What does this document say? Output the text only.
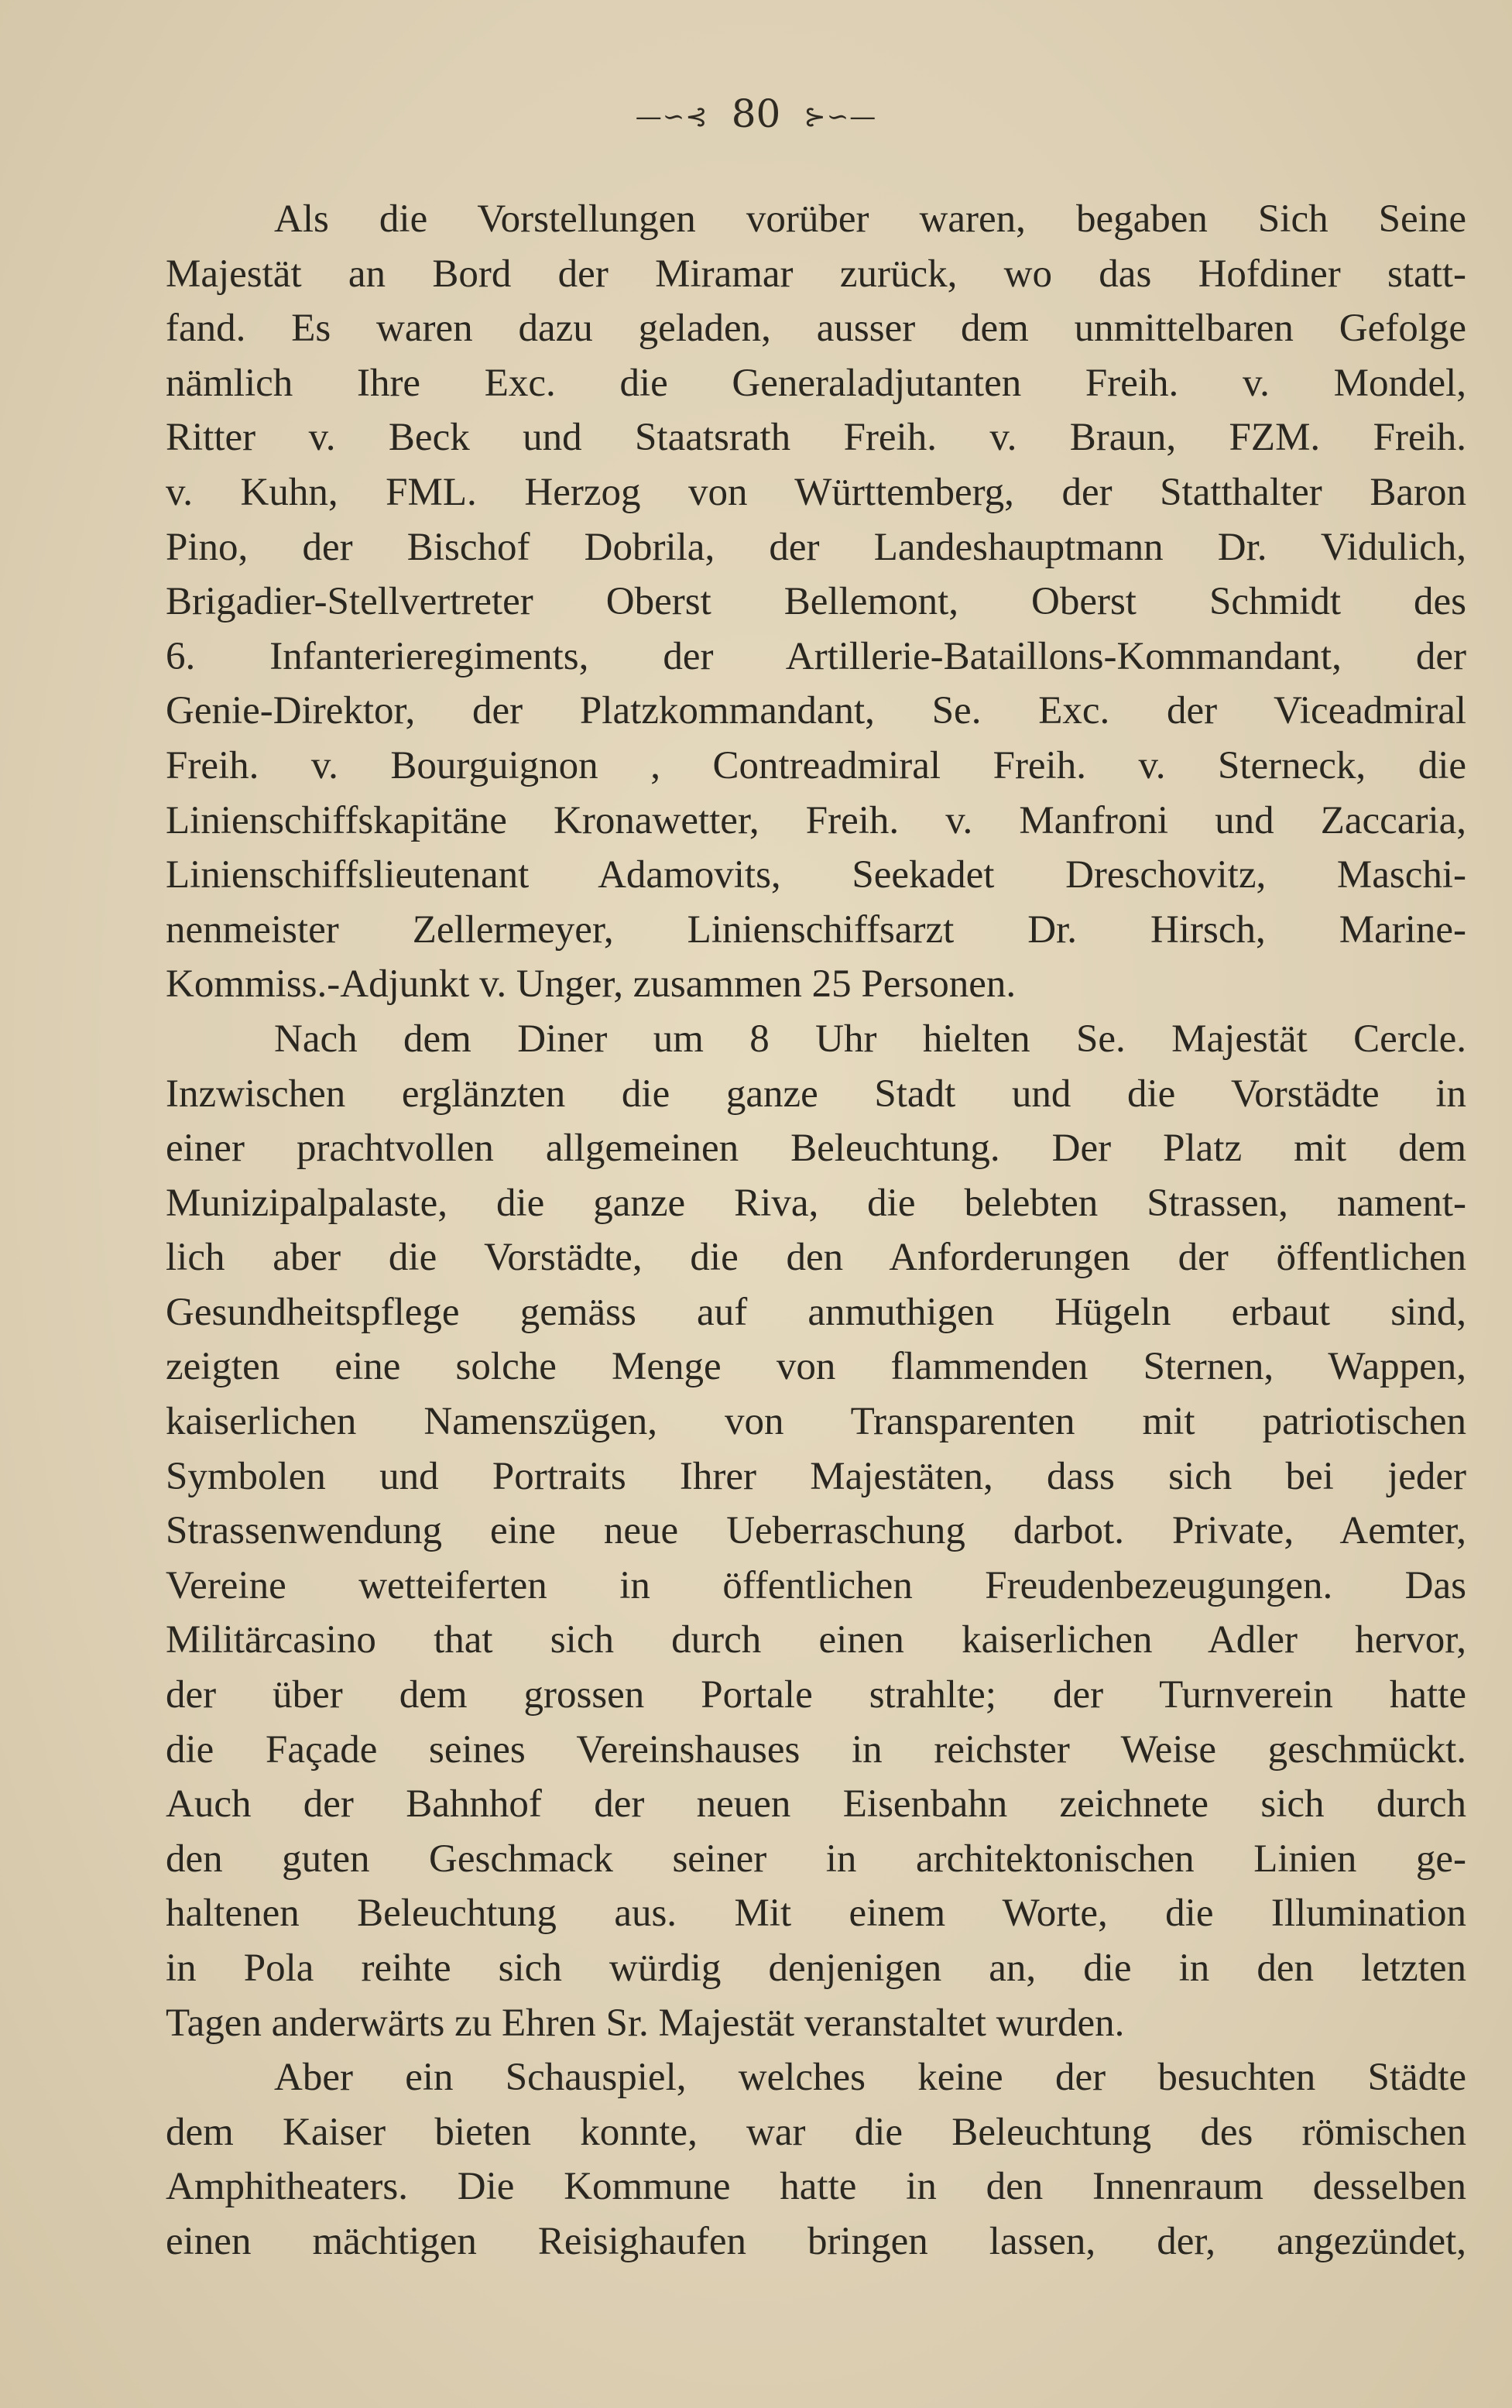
—∽⊰ 80 ⊱∽—
Als die Vorstellungen vorüber waren, begaben Sich Seine
Majestät an Bord der Miramar zurück, wo das Hofdiner statt-
fand. Es waren dazu geladen, ausser dem unmittelbaren Gefolge
nämlich Ihre Exc. die Generaladjutanten Freih. v. Mondel,
Ritter v. Beck und Staatsrath Freih. v. Braun, FZM. Freih.
v. Kuhn, FML. Herzog von Württemberg, der Statthalter Baron
Pino, der Bischof Dobrila, der Landeshauptmann Dr. Vidulich,
Brigadier-Stellvertreter Oberst Bellemont, Oberst Schmidt des
6. Infanterieregiments, der Artillerie-Bataillons-Kommandant, der
Genie-Direktor, der Platzkommandant, Se. Exc. der Viceadmiral
Freih. v. Bourguignon , Contreadmiral Freih. v. Sterneck, die
Linienschiffskapitäne Kronawetter, Freih. v. Manfroni und Zaccaria,
Linienschiffslieutenant Adamovits, Seekadet Dreschovitz, Maschi-
nenmeister Zellermeyer, Linienschiffsarzt Dr. Hirsch, Marine-
Kommiss.-Adjunkt v. Unger, zusammen 25 Personen.
Nach dem Diner um 8 Uhr hielten Se. Majestät Cercle.
Inzwischen erglänzten die ganze Stadt und die Vorstädte in
einer prachtvollen allgemeinen Beleuchtung. Der Platz mit dem
Munizipalpalaste, die ganze Riva, die belebten Strassen, nament-
lich aber die Vorstädte, die den Anforderungen der öffentlichen
Gesundheitspflege gemäss auf anmuthigen Hügeln erbaut sind,
zeigten eine solche Menge von flammenden Sternen, Wappen,
kaiserlichen Namenszügen, von Transparenten mit patriotischen
Symbolen und Portraits Ihrer Majestäten, dass sich bei jeder
Strassenwendung eine neue Ueberraschung darbot. Private, Aemter,
Vereine wetteiferten in öffentlichen Freudenbezeugungen. Das
Militärcasino that sich durch einen kaiserlichen Adler hervor,
der über dem grossen Portale strahlte; der Turnverein hatte
die Façade seines Vereinshauses in reichster Weise geschmückt.
Auch der Bahnhof der neuen Eisenbahn zeichnete sich durch
den guten Geschmack seiner in architektonischen Linien ge-
haltenen Beleuchtung aus. Mit einem Worte, die Illumination
in Pola reihte sich würdig denjenigen an, die in den letzten
Tagen anderwärts zu Ehren Sr. Majestät veranstaltet wurden.
Aber ein Schauspiel, welches keine der besuchten Städte
dem Kaiser bieten konnte, war die Beleuchtung des römischen
Amphitheaters. Die Kommune hatte in den Innenraum desselben
einen mächtigen Reisighaufen bringen lassen, der, angezündet,
